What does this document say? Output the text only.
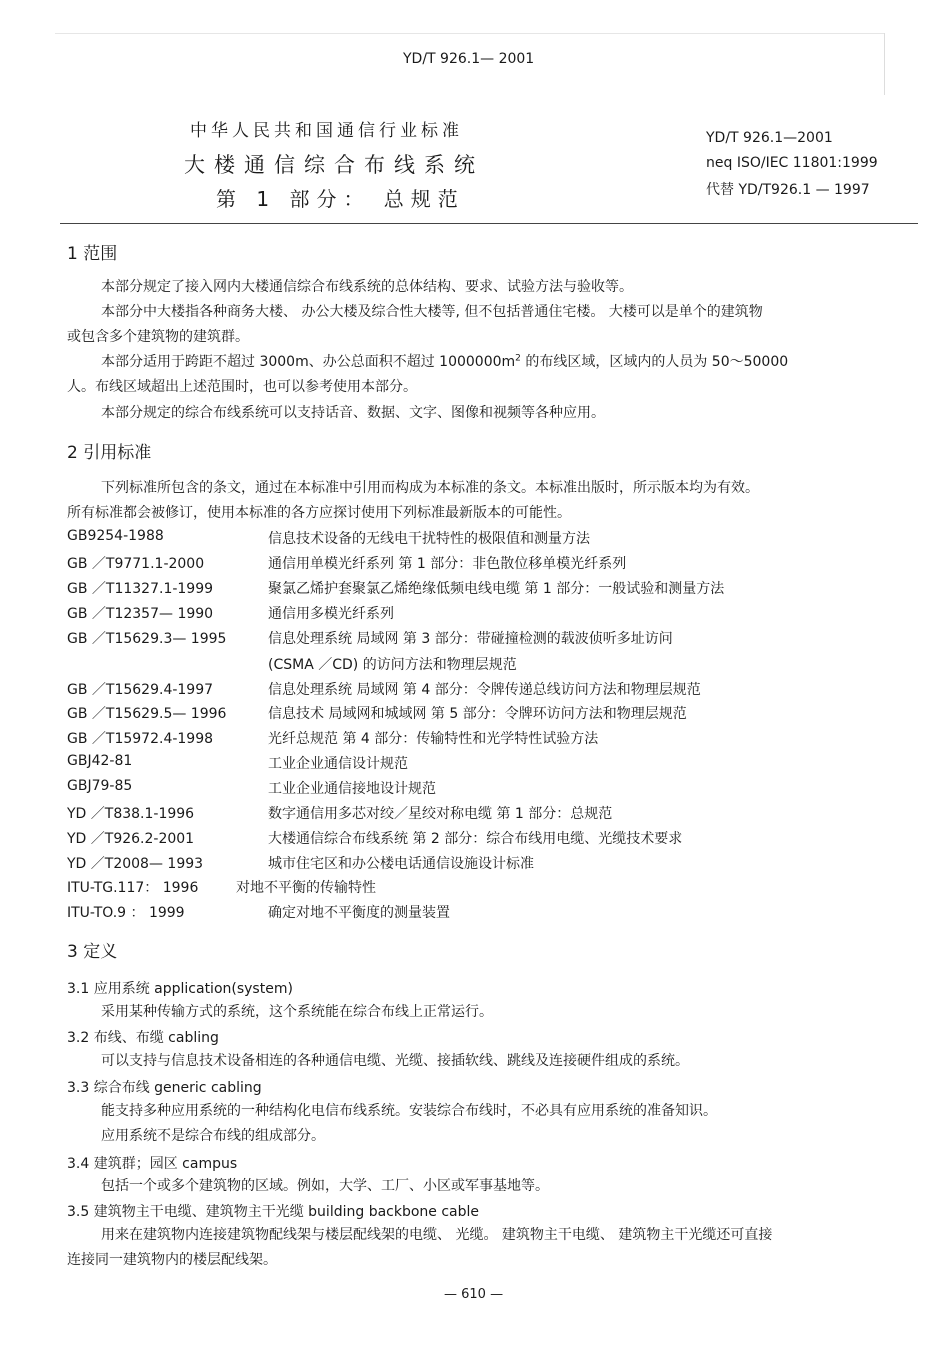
YD/T 926.1— 2001
中华人民共和国通信行业标准
大楼通信综合布线系统
第 1 部分： 总规范
YD/T 926.1—2001
neq ISO/IEC 11801:1999
代替 YD/T926.1 — 1997
1 范围
本部分规定了接入网内大楼通信综合布线系统的总体结构、要求、试验方法与验收等。
本部分中大楼指各种商务大楼、 办公大楼及综合性大楼等, 但不包括普通住宅楼。 大楼可以是单个的建筑物
或包含多个建筑物的建筑群。
本部分适用于跨距不超过 3000m、办公总面积不超过 $1000000m^2$ 的布线区域，区域内的人员为 50～50000
人。布线区域超出上述范围时，也可以参考使用本部分。
本部分规定的综合布线系统可以支持话音、数据、文字、图像和视频等各种应用。
2 引用标准
下列标准所包含的条文，通过在本标准中引用而构成为本标准的条文。本标准出版时，所示版本均为有效。
所有标准都会被修订，使用本标准的各方应探讨使用下列标准最新版本的可能性。
GB9254-1988	信息技术设备的无线电干扰特性的极限值和测量方法
GB ／T9771.1-2000	通信用单模光纤系列 第 1 部分：非色散位移单模光纤系列
GB ／T11327.1-1999	聚氯乙烯护套聚氯乙烯绝缘低频电线电缆 第 1 部分：一般试验和测量方法
GB ／T12357— 1990	通信用多模光纤系列
GB ／T15629.3— 1995	信息处理系统 局域网 第 3 部分：带碰撞检测的载波侦听多址访问
(CSMA ／CD) 的访问方法和物理层规范
GB ／T15629.4-1997	信息处理系统 局域网 第 4 部分：令牌传递总线访问方法和物理层规范
GB ／T15629.5— 1996	信息技术 局域网和城域网 第 5 部分：令牌环访问方法和物理层规范
GB ／T15972.4-1998	光纤总规范 第 4 部分：传输特性和光学特性试验方法
GBJ42-81	工业企业通信设计规范
GBJ79-85	工业企业通信接地设计规范
YD ／T838.1-1996	数字通信用多芯对绞／星绞对称电缆 第 1 部分：总规范
YD ／T926.2-2001	大楼通信综合布线系统 第 2 部分：综合布线用电缆、光缆技术要求
YD ／T2008— 1993	城市住宅区和办公楼电话通信设施设计标准
ITU-TG.117： 1996	对地不平衡的传输特性
ITU-TO.9 ： 1999	确定对地不平衡度的测量装置
3 定义
3.1 应用系统 application(system)
采用某种传输方式的系统，这个系统能在综合布线上正常运行。
3.2 布线、布缆 cabling
可以支持与信息技术设备相连的各种通信电缆、光缆、接插软线、跳线及连接硬件组成的系统。
3.3 综合布线 generic cabling
能支持多种应用系统的一种结构化电信布线系统。安装综合布线时，不必具有应用系统的准备知识。
应用系统不是综合布线的组成部分。
3.4 建筑群；园区 campus
包括一个或多个建筑物的区域。例如，大学、工厂、小区或军事基地等。
3.5 建筑物主干电缆、建筑物主干光缆 building backbone cable
用来在建筑物内连接建筑物配线架与楼层配线架的电缆、 光缆。 建筑物主干电缆、 建筑物主干光缆还可直接
连接同一建筑物内的楼层配线架。
— 610 —
